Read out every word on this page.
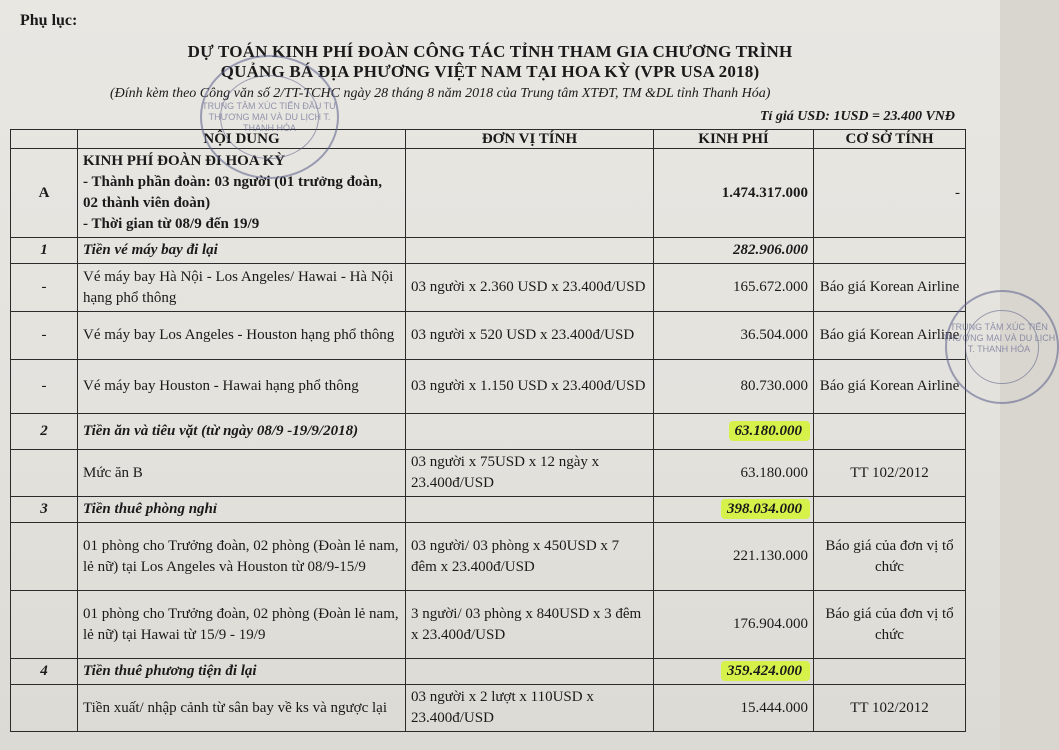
Phụ lục:
DỰ TOÁN KINH PHÍ ĐOÀN CÔNG TÁC TỈNH THAM GIA CHƯƠNG TRÌNH
QUẢNG BÁ ĐỊA PHƯƠNG VIỆT NAM TẠI HOA KỲ (VPR USA 2018)
(Đính kèm theo Công văn số 2/TT-TCHC ngày 28 tháng 8 năm 2018 của Trung tâm XTĐT, TM &DL tỉnh Thanh Hóa)
Tỉ giá USD: 1USD = 23.400 VNĐ
	NỘI DUNG	ĐƠN VỊ TÍNH	KINH PHÍ	CƠ SỞ TÍNH
A	KINH PHÍ ĐOÀN ĐI HOA KỲ
- Thành phần đoàn: 03 người (01 trưởng đoàn, 02 thành viên đoàn)
- Thời gian từ 08/9 đến 19/9		1.474.317.000	-
1	Tiền vé máy bay đi lại		282.906.000	
-	Vé máy bay Hà Nội - Los Angeles/ Hawai - Hà Nội hạng phổ thông	03 người x 2.360 USD x 23.400đ/USD	165.672.000	Báo giá Korean Airline
-	Vé máy bay Los Angeles - Houston hạng phổ thông	03 người x 520 USD x 23.400đ/USD	36.504.000	Báo giá Korean Airline
-	Vé máy bay Houston - Hawai hạng phổ thông	03 người x 1.150 USD x 23.400đ/USD	80.730.000	Báo giá Korean Airline
2	Tiền ăn và tiêu vặt (từ ngày 08/9 -19/9/2018)		63.180.000	
	Mức ăn B	03 người x 75USD x 12 ngày x 23.400đ/USD	63.180.000	TT 102/2012
3	Tiền thuê phòng nghỉ		398.034.000	
	01 phòng cho Trưởng đoàn, 02 phòng (Đoàn lẻ nam, lẻ nữ) tại Los Angeles và Houston từ 08/9-15/9	03 người/ 03 phòng x 450USD x 7 đêm x 23.400đ/USD	221.130.000	Báo giá của đơn vị tổ chức
	01 phòng cho Trưởng đoàn, 02 phòng (Đoàn lẻ nam, lẻ nữ) tại Hawai từ 15/9 - 19/9	3 người/ 03 phòng x 840USD x 3 đêm x 23.400đ/USD	176.904.000	Báo giá của đơn vị tổ chức
4	Tiền thuê phương tiện đi lại		359.424.000	
	Tiền xuất/ nhập cảnh từ sân bay về ks và ngược lại	03 người x 2 lượt x 110USD x 23.400đ/USD	15.444.000	TT 102/2012
TRUNG TÂM XÚC TIẾN ĐẦU TƯ THƯƠNG MẠI VÀ DU LỊCH T. THANH HÓA
TRUNG TÂM XÚC TIẾN THƯƠNG MẠI VÀ DU LỊCH T. THANH HÓA
